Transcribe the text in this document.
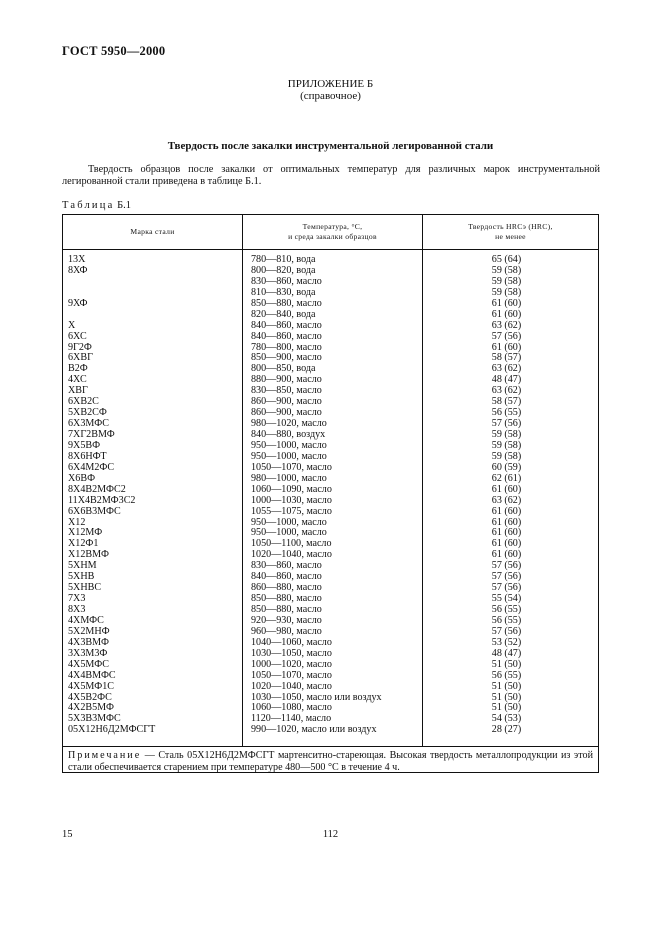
ГОСТ 5950—2000
ПРИЛОЖЕНИЕ Б
(справочное)
Твердость после закалки инструментальной легированной стали
Твердость образцов после закалки от оптимальных температур для различных марок инструментальной легированной стали приведена в таблице Б.1.
Таблица Б.1
Марка стали
13Х
8ХФ
9ХФ
Х
6ХС
9Г2Ф
6ХВГ
В2Ф
4ХС
ХВГ
6ХВ2С
5ХВ2СФ
6Х3МФС
7ХГ2ВМФ
9Х5ВФ
8Х6НФТ
6Х4М2ФС
Х6ВФ
8Х4В2МФС2
11Х4В2МФ3С2
6Х6В3МФС
Х12
Х12МФ
Х12Ф1
Х12ВМФ
5ХНМ
5ХНВ
5ХНВС
7Х3
8Х3
4ХМФС
5Х2МНФ
4Х3ВМФ
3Х3М3Ф
4Х5МФС
4Х4ВМФС
4Х5МФ1С
4Х5В2ФС
4Х2В5МФ
5Х3В3МФС
05Х12Н6Д2МФСГТ
Температура, °С,
и среда закалки образцов
780—810, вода
800—820, вода
830—860, масло
810—830, вода
850—880, масло
820—840, вода
840—860, масло
840—860, масло
780—800, масло
850—900, масло
800—850, вода
880—900, масло
830—850, масло
860—900, масло
860—900, масло
980—1020, масло
840—880, воздух
950—1000, масло
950—1000, масло
1050—1070, масло
980—1000, масло
1060—1090, масло
1000—1030, масло
1055—1075, масло
950—1000, масло
950—1000, масло
1050—1100, масло
1020—1040, масло
830—860, масло
840—860, масло
860—880, масло
850—880, масло
850—880, масло
920—930, масло
960—980, масло
1040—1060, масло
1030—1050, масло
1000—1020, масло
1050—1070, масло
1020—1040, масло
1030—1050, масло или воздух
1060—1080, масло
1120—1140, масло
990—1020, масло или воздух
Твердость HRCэ (HRC),
не менее
65 (64)
59 (58)
59 (58)
59 (58)
61 (60)
61 (60)
63 (62)
57 (56)
61 (60)
58 (57)
63 (62)
48 (47)
63 (62)
58 (57)
56 (55)
57 (56)
59 (58)
59 (58)
59 (58)
60 (59)
62 (61)
61 (60)
63 (62)
61 (60)
61 (60)
61 (60)
61 (60)
61 (60)
57 (56)
57 (56)
57 (56)
55 (54)
56 (55)
56 (55)
57 (56)
53 (52)
48 (47)
51 (50)
56 (55)
51 (50)
51 (50)
51 (50)
54 (53)
28 (27)
Примечание — Сталь 05Х12Н6Д2МФСГТ мартенситно-стареющая. Высокая твердость металлопродукции из этой стали обеспечивается старением при температуре 480—500 °С в течение 4 ч.
15	112
